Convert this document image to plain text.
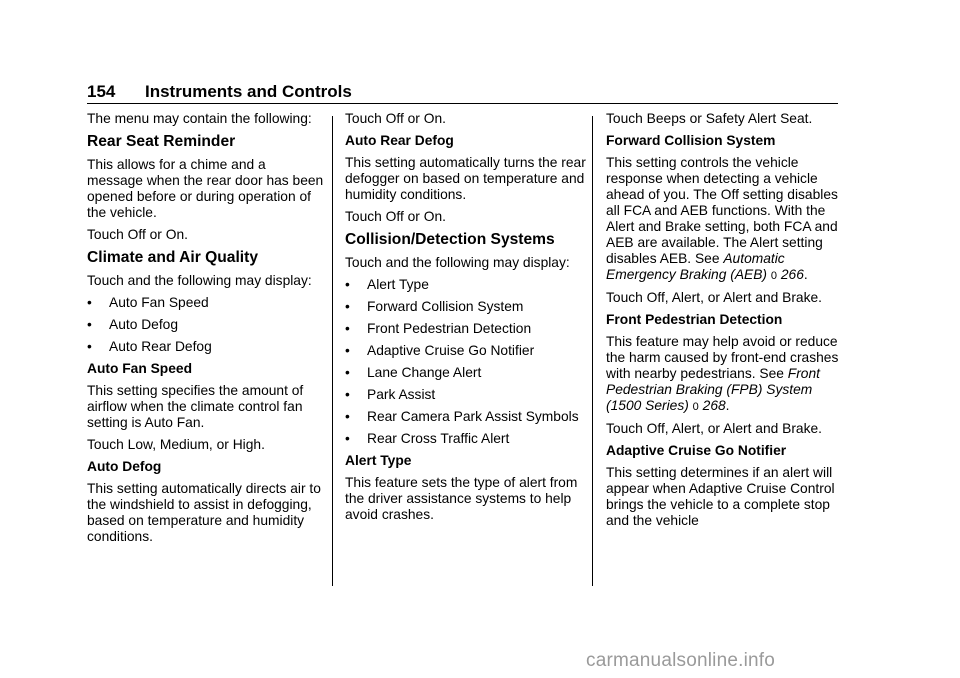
154 Instruments and Controls

The menu may contain the following:

Rear Seat Reminder

This allows for a chime and a message when the rear door has been opened before or during operation of the vehicle.

Touch Off or On.

Climate and Air Quality

Touch and the following may display:

• Auto Fan Speed
• Auto Defog
• Auto Rear Defog
Auto Fan Speed

This setting specifies the amount of airflow when the climate control fan setting is Auto Fan.

Touch Low, Medium, or High.

Auto Defog

This setting automatically directs air to the windshield to assist in defogging, based on temperature and humidity conditions.

Touch Off or On.

Auto Rear Defog

This setting automatically turns the rear defogger on based on temperature and humidity conditions.

Touch Off or On.

Collision/Detection Systems

Touch and the following may display:

• Alert Type
• Forward Collision System
• Front Pedestrian Detection
• Adaptive Cruise Go Notifier
• Lane Change Alert
• Park Assist
• Rear Camera Park Assist Symbols
• Rear Cross Traffic Alert
Alert Type

This feature sets the type of alert from the driver assistance systems to help avoid crashes.

Touch Beeps or Safety Alert Seat.

Forward Collision System

This setting controls the vehicle response when detecting a vehicle ahead of you. The Off setting disables all FCA and AEB functions. With the Alert and Brake setting, both FCA and AEB are available. The Alert setting disables AEB. See Automatic Emergency Braking (AEB) 0 266.

Touch Off, Alert, or Alert and Brake.

Front Pedestrian Detection

This feature may help avoid or reduce the harm caused by front-end crashes with nearby pedestrians. See Front Pedestrian Braking (FPB) System (1500 Series) 0 268.

Touch Off, Alert, or Alert and Brake.

Adaptive Cruise Go Notifier

This setting determines if an alert will appear when Adaptive Cruise Control brings the vehicle to a complete stop and the vehicle

carmanualsonline.info
